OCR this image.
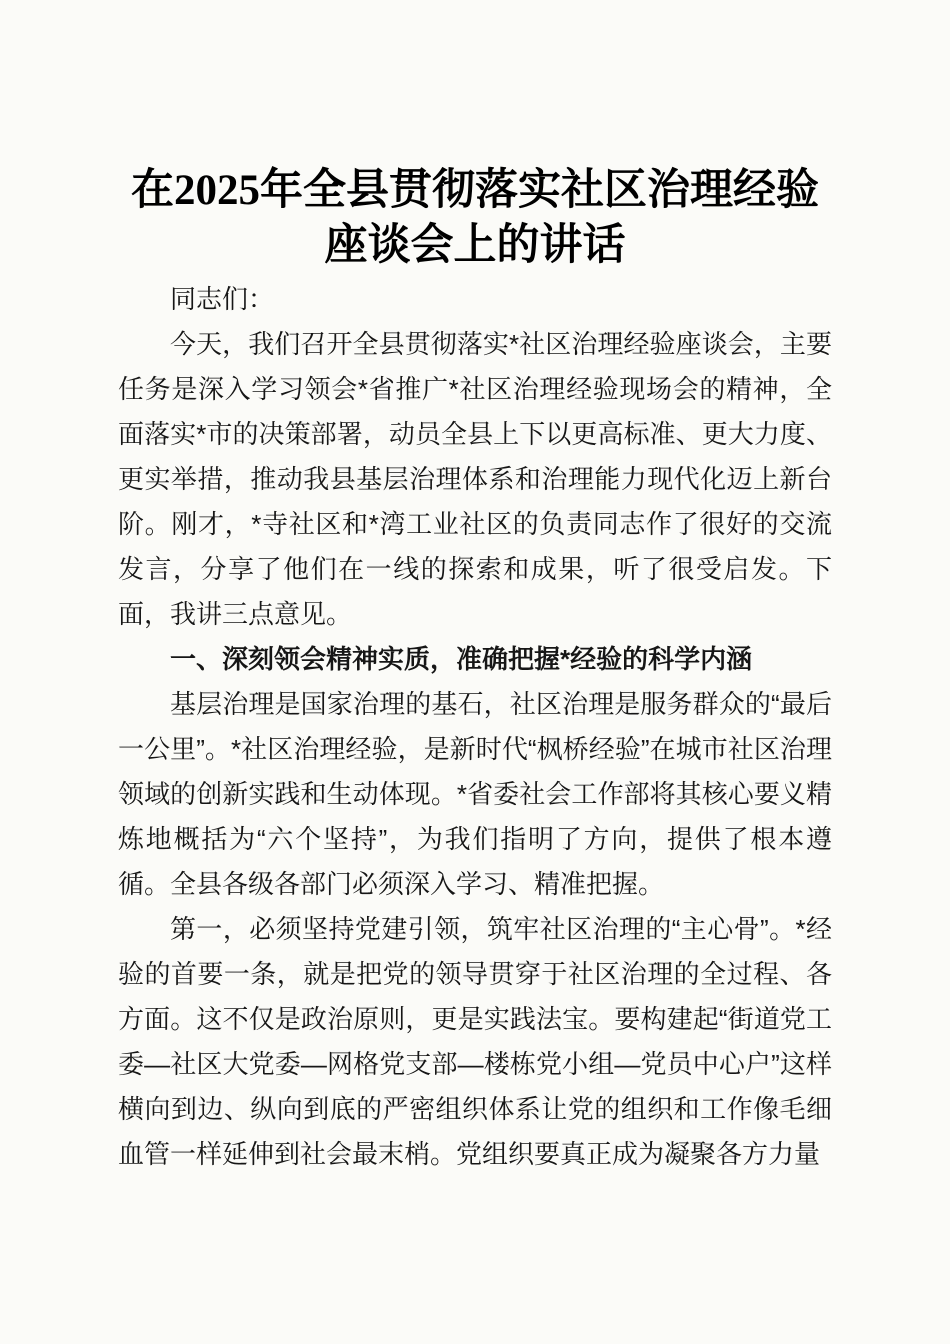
在2025年全县贯彻落实社区治理经验座谈会上的讲话

同志们：

今天，我们召开全县贯彻落实*社区治理经验座谈会，主要任务是深入学习领会*省推广*社区治理经验现场会的精神，全面落实*市的决策部署，动员全县上下以更高标准、更大力度、更实举措，推动我县基层治理体系和治理能力现代化迈上新台阶。刚才，*寺社区和*湾工业社区的负责同志作了很好的交流发言，分享了他们在一线的探索和成果，听了很受启发。下面，我讲三点意见。

一、深刻领会精神实质，准确把握*经验的科学内涵

基层治理是国家治理的基石，社区治理是服务群众的“最后一公里”。*社区治理经验，是新时代“枫桥经验”在城市社区治理领域的创新实践和生动体现。*省委社会工作部将其核心要义精炼地概括为“六个坚持”，为我们指明了方向，提供了根本遵循。全县各级各部门必须深入学习、精准把握。

第一，必须坚持党建引领，筑牢社区治理的“主心骨”。*经验的首要一条，就是把党的领导贯穿于社区治理的全过程、各方面。这不仅是政治原则，更是实践法宝。要构建起“街道党工委—社区大党委—网格党支部—楼栋党小组—党员中心户”这样横向到边、纵向到底的严密组织体系让党的组织和工作像毛细血管一样延伸到社会最末梢。党组织要真正成为凝聚各方力量
